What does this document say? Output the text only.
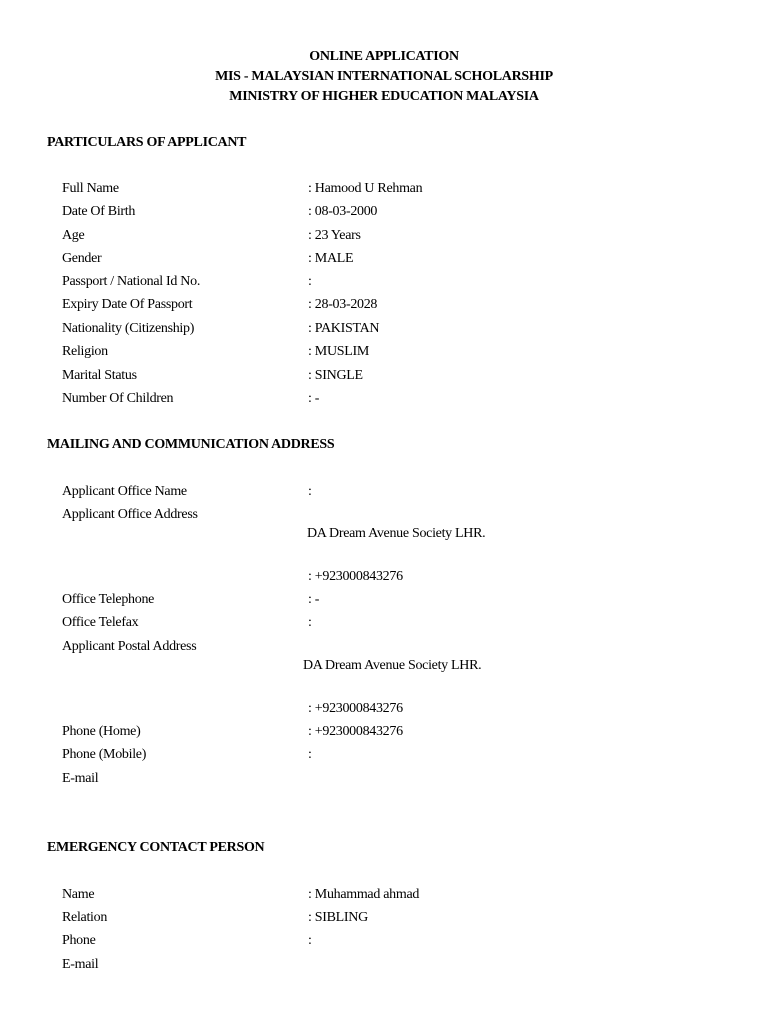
ONLINE APPLICATION
MIS - MALAYSIAN INTERNATIONAL SCHOLARSHIP
MINISTRY OF HIGHER EDUCATION MALAYSIA
PARTICULARS OF APPLICANT
Full Name	: Hamood U Rehman
Date Of Birth	: 08-03-2000
Age	: 23 Years
Gender	: MALE
Passport / National Id No.	:
Expiry Date Of Passport	: 28-03-2028
Nationality (Citizenship)	: PAKISTAN
Religion	: MUSLIM
Marital Status	: SINGLE
Number Of Children	: -
MAILING AND COMMUNICATION ADDRESS
Applicant Office Name	:
Applicant Office Address
DA Dream Avenue Society LHR.
: +923000843276
Office Telephone	: -
Office Telefax	:
Applicant Postal Address
DA Dream Avenue Society LHR.
: +923000843276
Phone (Home)	: +923000843276
Phone (Mobile)	:
E-mail
EMERGENCY CONTACT PERSON
Name	: Muhammad ahmad
Relation	: SIBLING
Phone	:
E-mail
